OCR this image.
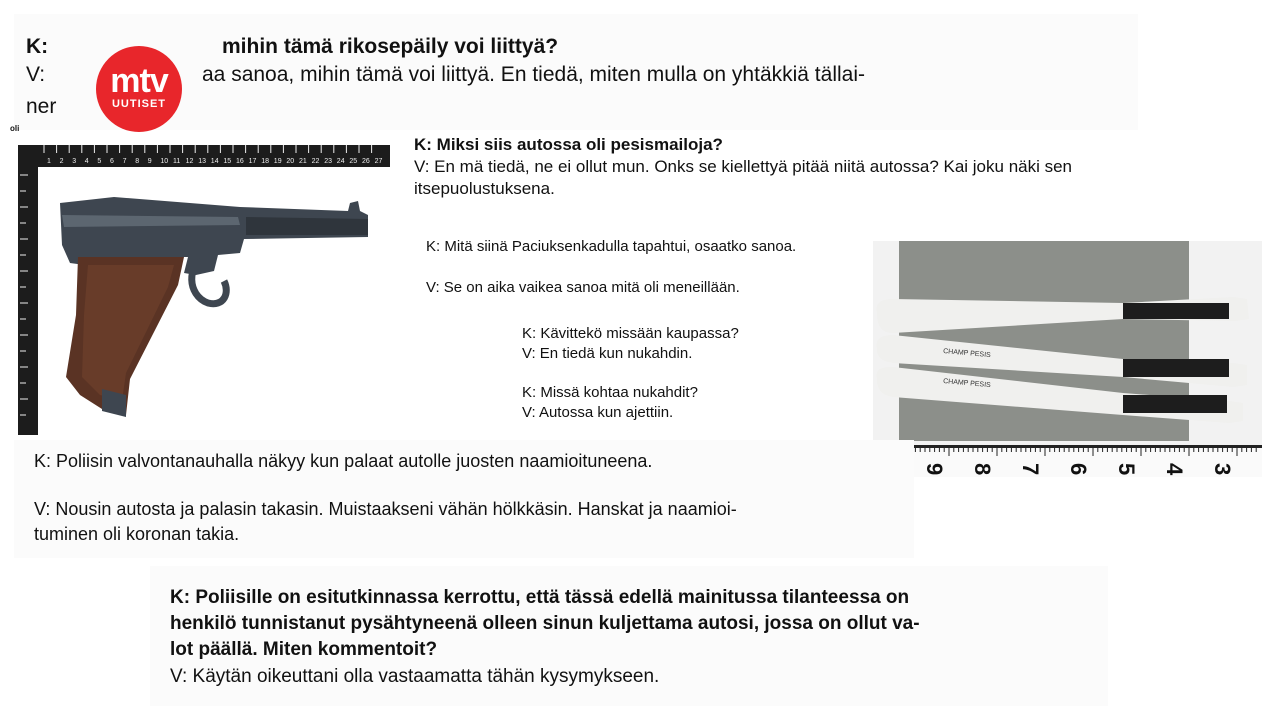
K:	mihin tämä rikosepäily voi liittyä?
V:	aa sanoa, mihin tämä voi liittyä. En tiedä, miten mulla on yhtäkkiä tällai-
ner
oli
mtv
UUTISET
1 2 3 4 5 6 7 8 9 10 11 12 13 14 15 16 17 18 19 20 21 22 23 24 25 26 27
K: Miksi siis autossa oli pesismailoja?
V: En mä tiedä, ne ei ollut mun. Onks se kiellettyä pitää niitä autossa? Kai joku näki sen
itsepuolustuksena.
K: Mitä siinä Paciuksenkadulla tapahtui, osaatko sanoa.
V: Se on aika vaikea sanoa mitä oli meneillään.
K: Kävittekö missään kaupassa?
V: En tiedä kun nukahdin.
K: Missä kohtaa nukahdit?
V: Autossa kun ajettiin.
CHAMP PESIS
CHAMP PESIS
9 8 7 6 5 4 3
K: Poliisin valvontanauhalla näkyy kun palaat autolle juosten naamioituneena.
V: Nousin autosta ja palasin takasin. Muistaakseni vähän hölkkäsin. Hanskat ja naamioi-
tuminen oli koronan takia.
K: Poliisille on esitutkinnassa kerrottu, että tässä edellä mainitussa tilanteessa on
henkilö tunnistanut pysähtyneenä olleen sinun kuljettama autosi, jossa on ollut va-
lot päällä. Miten kommentoit?
V: Käytän oikeuttani olla vastaamatta tähän kysymykseen.
